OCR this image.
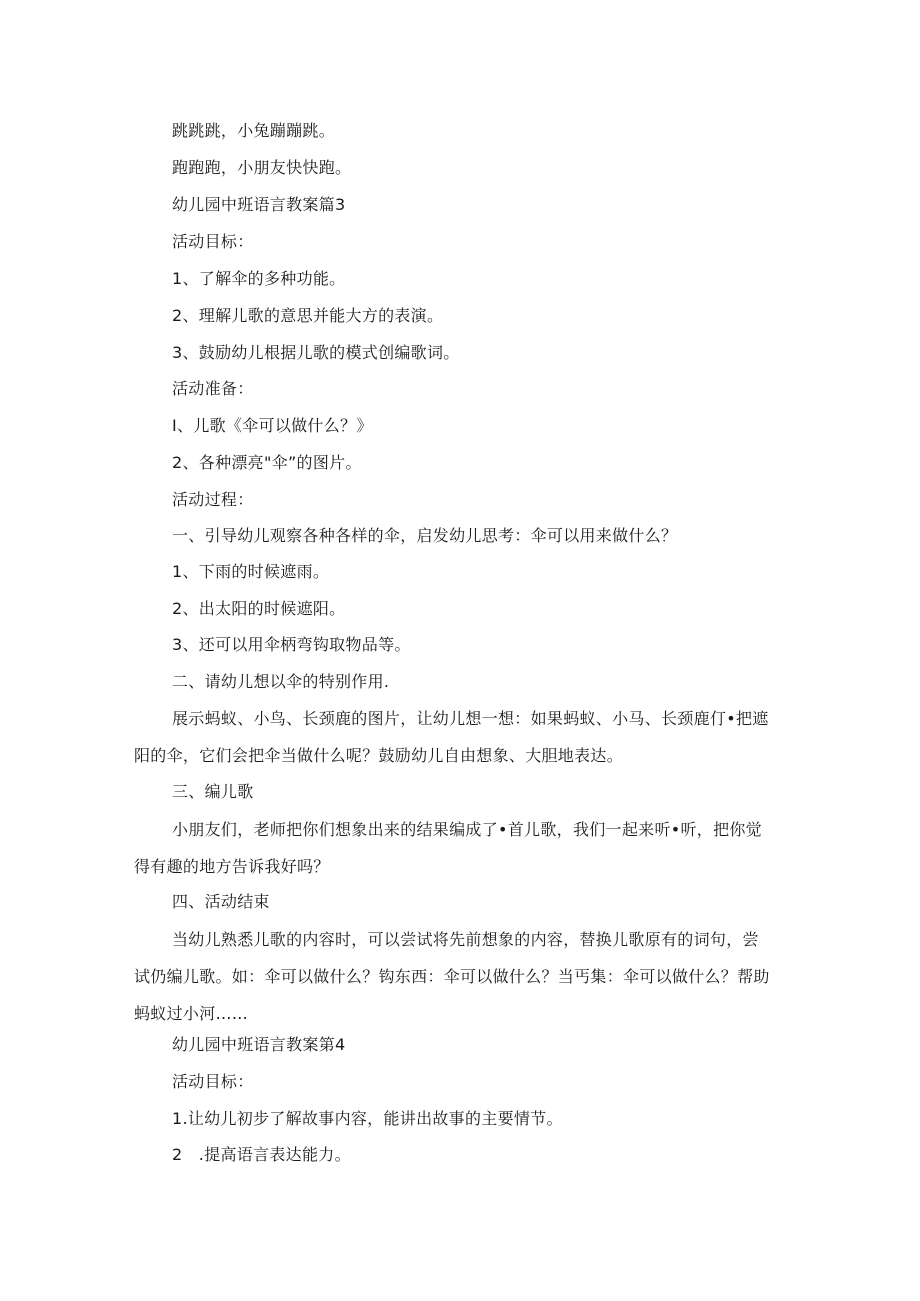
跳跳跳，小兔蹦蹦跳。
跑跑跑，小朋友快快跑。
幼儿园中班语言教案篇3
活动目标：
1、了解伞的多种功能。
2、理解儿歌的意思并能大方的表演。
3、鼓励幼儿根据儿歌的模式创编歌词。
活动准备：
I、儿歌《伞可以做什么？》
2、各种漂亮"伞”的图片。
活动过程：
一、引导幼儿观察各种各样的伞，启发幼儿思考：伞可以用来做什么？
1、下雨的时候遮雨。
2、出太阳的时候遮阳。
3、还可以用伞柄弯钩取物品等。
二、请幼儿想以伞的特别作用.
展示蚂蚁、小鸟、长颈鹿的图片，让幼儿想一想：如果蚂蚁、小马、长颈鹿仃•把遮阳的伞，它们会把伞当做什么呢？鼓励幼儿自由想象、大胆地表达。
三、编儿歌
小朋友们，老师把你们想象出来的结果编成了•首儿歌，我们一起来听•听，把你觉得有趣的地方告诉我好吗？
四、活动结束
当幼儿熟悉儿歌的内容时，可以尝试将先前想象的内容，替换儿歌原有的词句，尝试仍编儿歌。如：伞可以做什么？钩东西：伞可以做什么？当丐集：伞可以做什么？帮助蚂蚁过小河……
幼儿园中班语言教案第4
活动目标：
1.让幼儿初步了解故事内容，能讲出故事的主要情节。
2　.提高语言表达能力。
